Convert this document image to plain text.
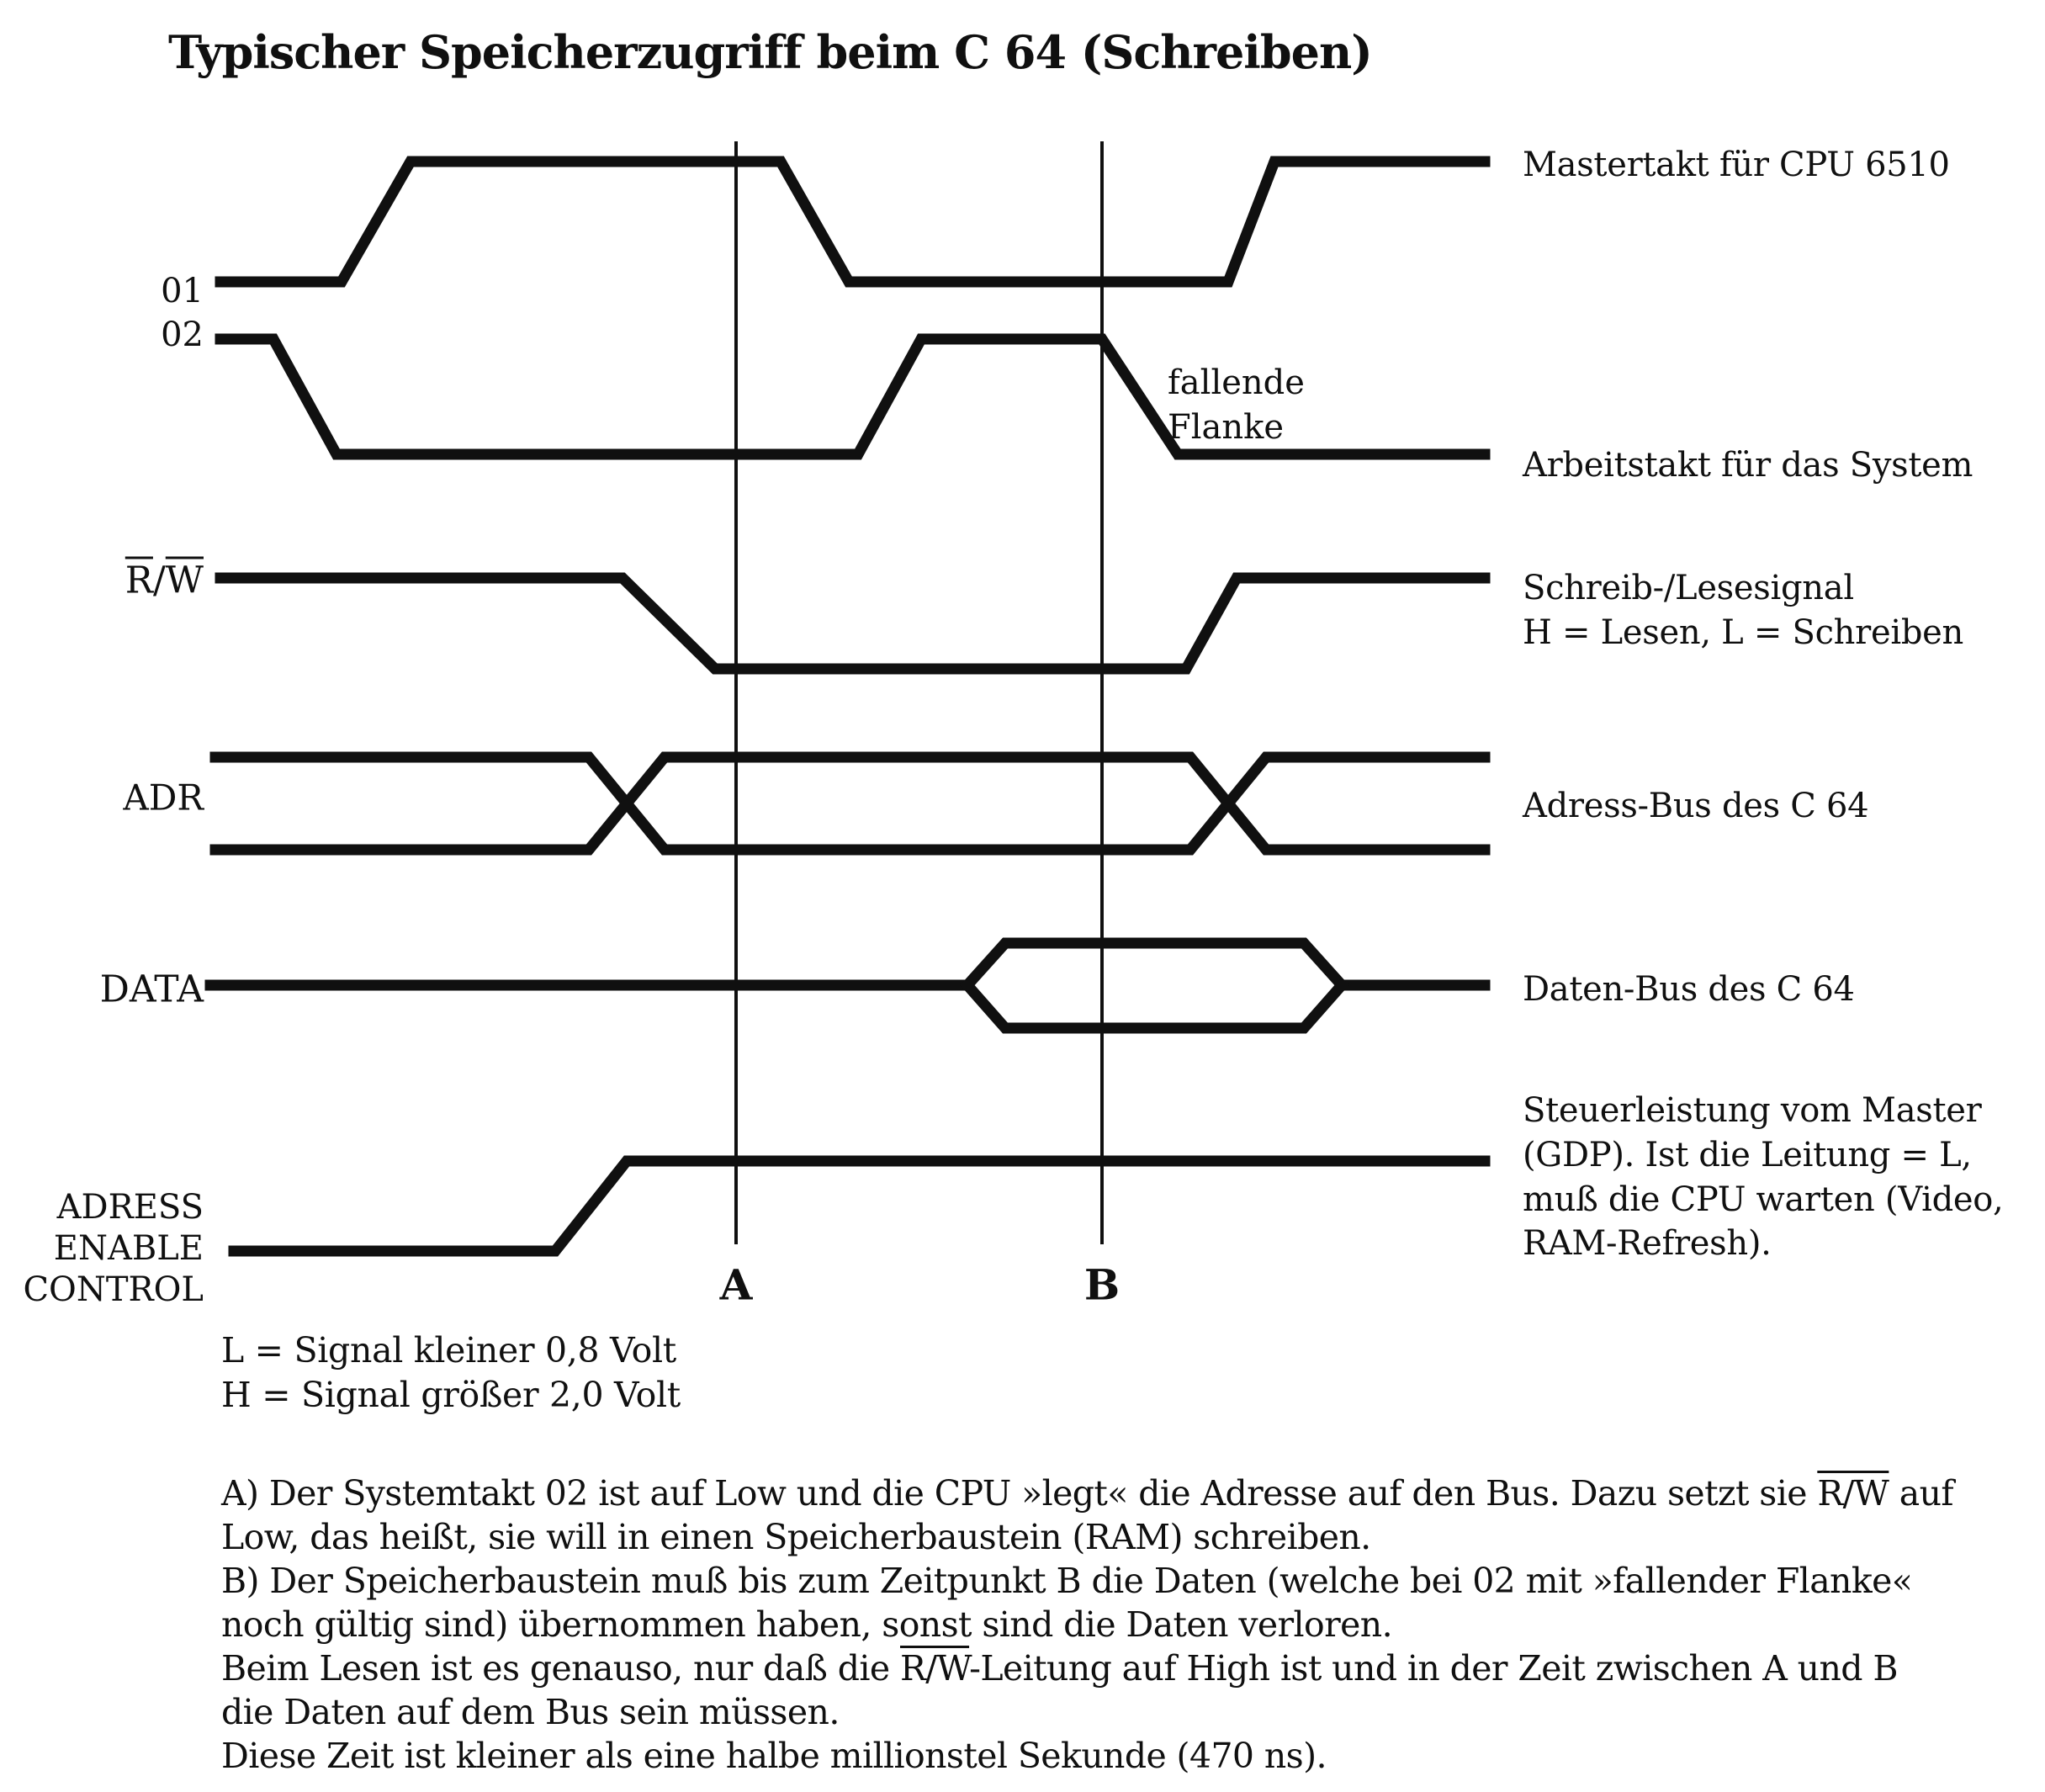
Typischer Speicherzugriff beim C 64 (Schreiben)
01
02
$\overline{R}/\overline{W}$
ADR
DATA
ADRESS
ENABLE
CONTROL
Mastertakt für CPU 6510
Arbeitstakt für das System
Schreib-/Lesesignal
H = Lesen, L = Schreiben
Adress-Bus des C 64
Daten-Bus des C 64
Steuerleistung vom Master
(GDP). Ist die Leitung = L,
muß die CPU warten (Video,
RAM-Refresh).
fallende
Flanke
A	B
L = Signal kleiner 0,8 Volt
H = Signal größer 2,0 Volt
A) Der Systemtakt 02 ist auf Low und die CPU »legt« die Adresse auf den Bus. Dazu setzt sie R/W auf
Low, das heißt, sie will in einen Speicherbaustein (RAM) schreiben.
B) Der Speicherbaustein muß bis zum Zeitpunkt B die Daten (welche bei 02 mit »fallender Flanke«
noch gültig sind) übernommen haben, sonst sind die Daten verloren.
Beim Lesen ist es genauso, nur daß die R/W-Leitung auf High ist und in der Zeit zwischen A und B
die Daten auf dem Bus sein müssen.
Diese Zeit ist kleiner als eine halbe millionstel Sekunde (470 ns).
